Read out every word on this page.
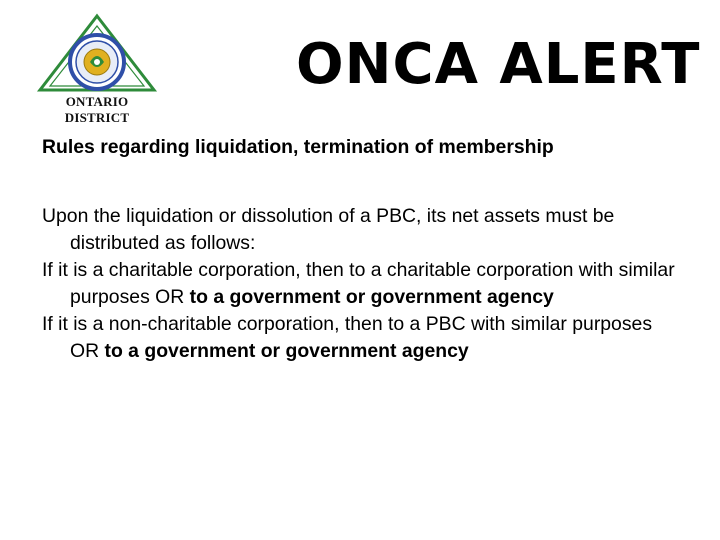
ONTARIO DISTRICT
ONCA ALERT
Rules regarding liquidation, termination of membership

Upon the liquidation or dissolution of a PBC, its net assets must be distributed as follows:

If it is a charitable corporation, then to a charitable corporation with similar purposes OR to a government or government agency

If it is a non-charitable corporation, then to a PBC with similar purposes OR to a government or government agency
